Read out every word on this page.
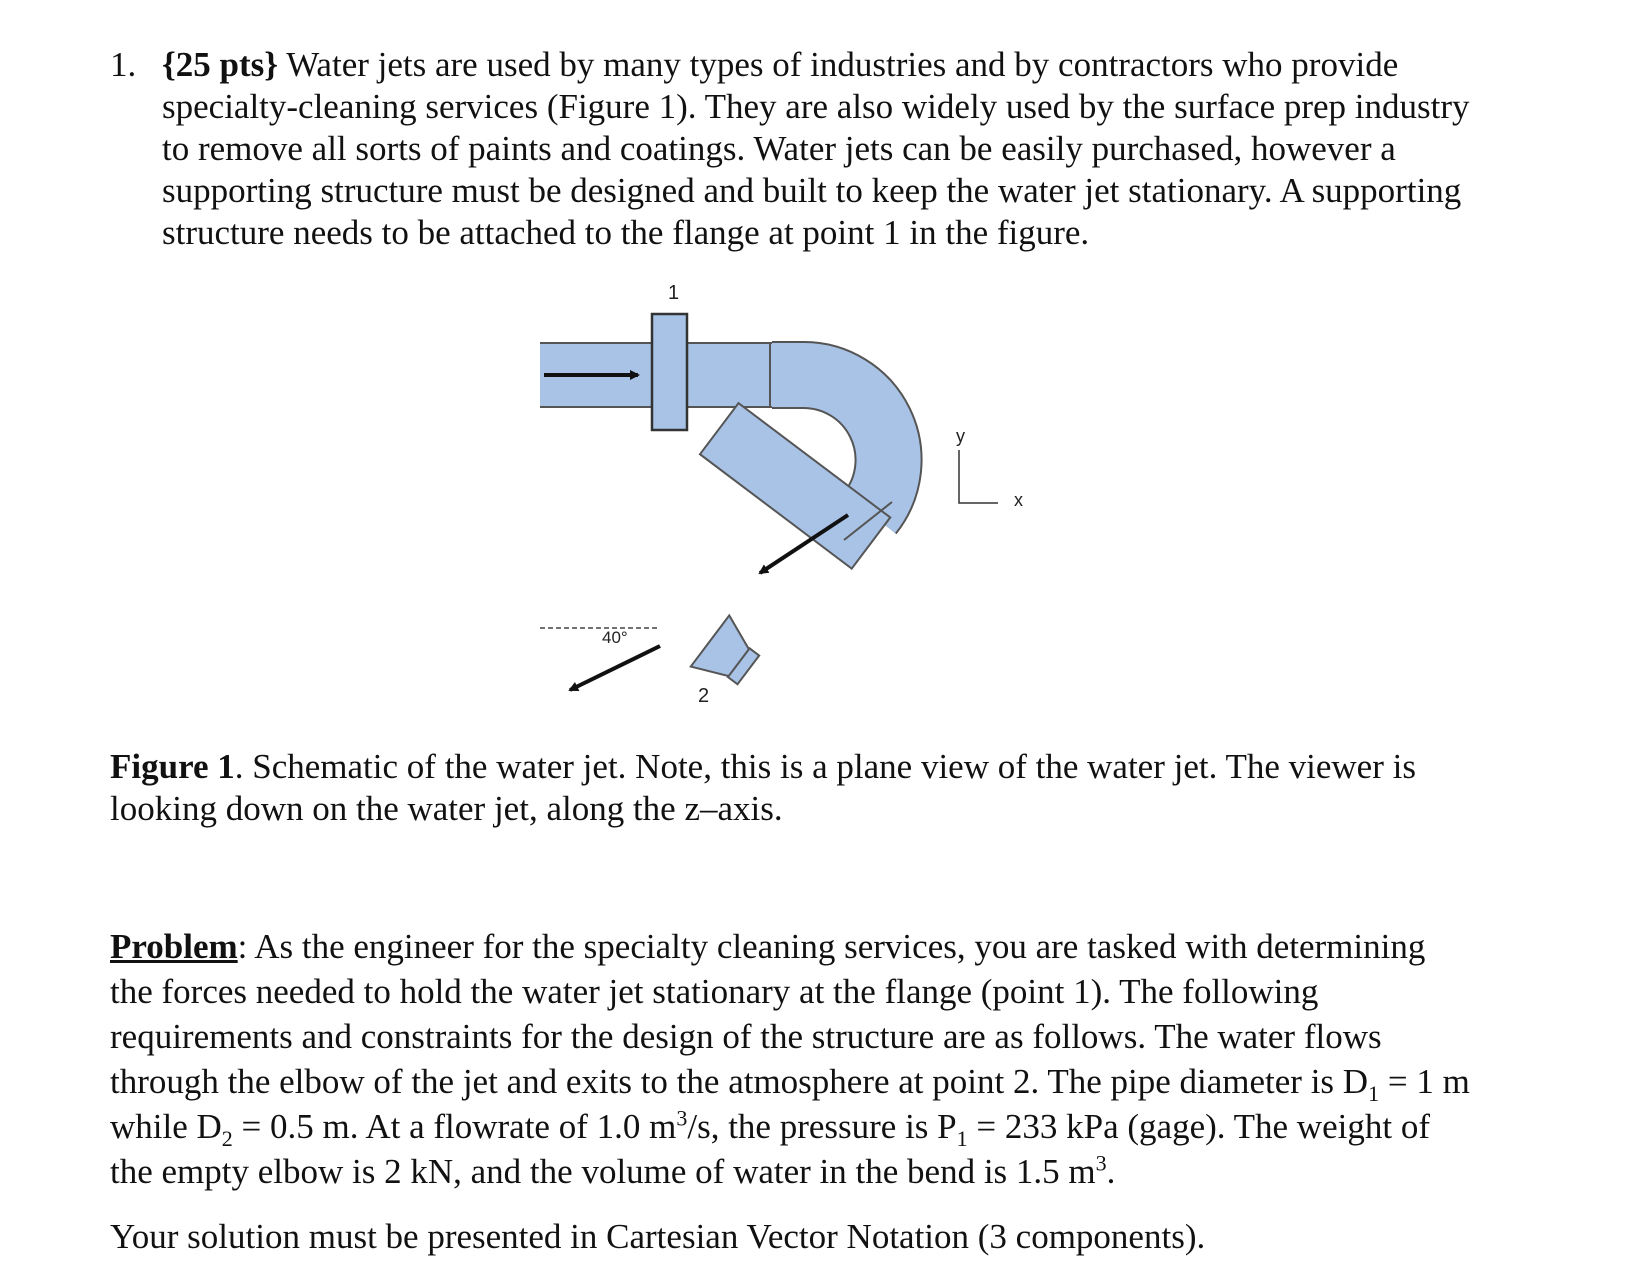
1. {25 pts} Water jets are used by many types of industries and by contractors who provide
specialty-cleaning services (Figure 1). They are also widely used by the surface prep industry
to remove all sorts of paints and coatings. Water jets can be easily purchased, however a
supporting structure must be designed and built to keep the water jet stationary. A supporting
structure needs to be attached to the flange at point 1 in the figure.
1
2
40°
y
x
Figure 1. Schematic of the water jet. Note, this is a plane view of the water jet. The viewer is
looking down on the water jet, along the z–axis.
Problem: As the engineer for the specialty cleaning services, you are tasked with determining
the forces needed to hold the water jet stationary at the flange (point 1). The following
requirements and constraints for the design of the structure are as follows. The water flows
through the elbow of the jet and exits to the atmosphere at point 2. The pipe diameter is $D_1 = 1$ m
while $D_2 = 0.5$ m. At a flowrate of 1.0 $m^3/s$, the pressure is $P_1 = 233$ kPa (gage). The weight of
the empty elbow is 2 kN, and the volume of water in the bend is 1.5 $m^3$.
Your solution must be presented in Cartesian Vector Notation (3 components).
